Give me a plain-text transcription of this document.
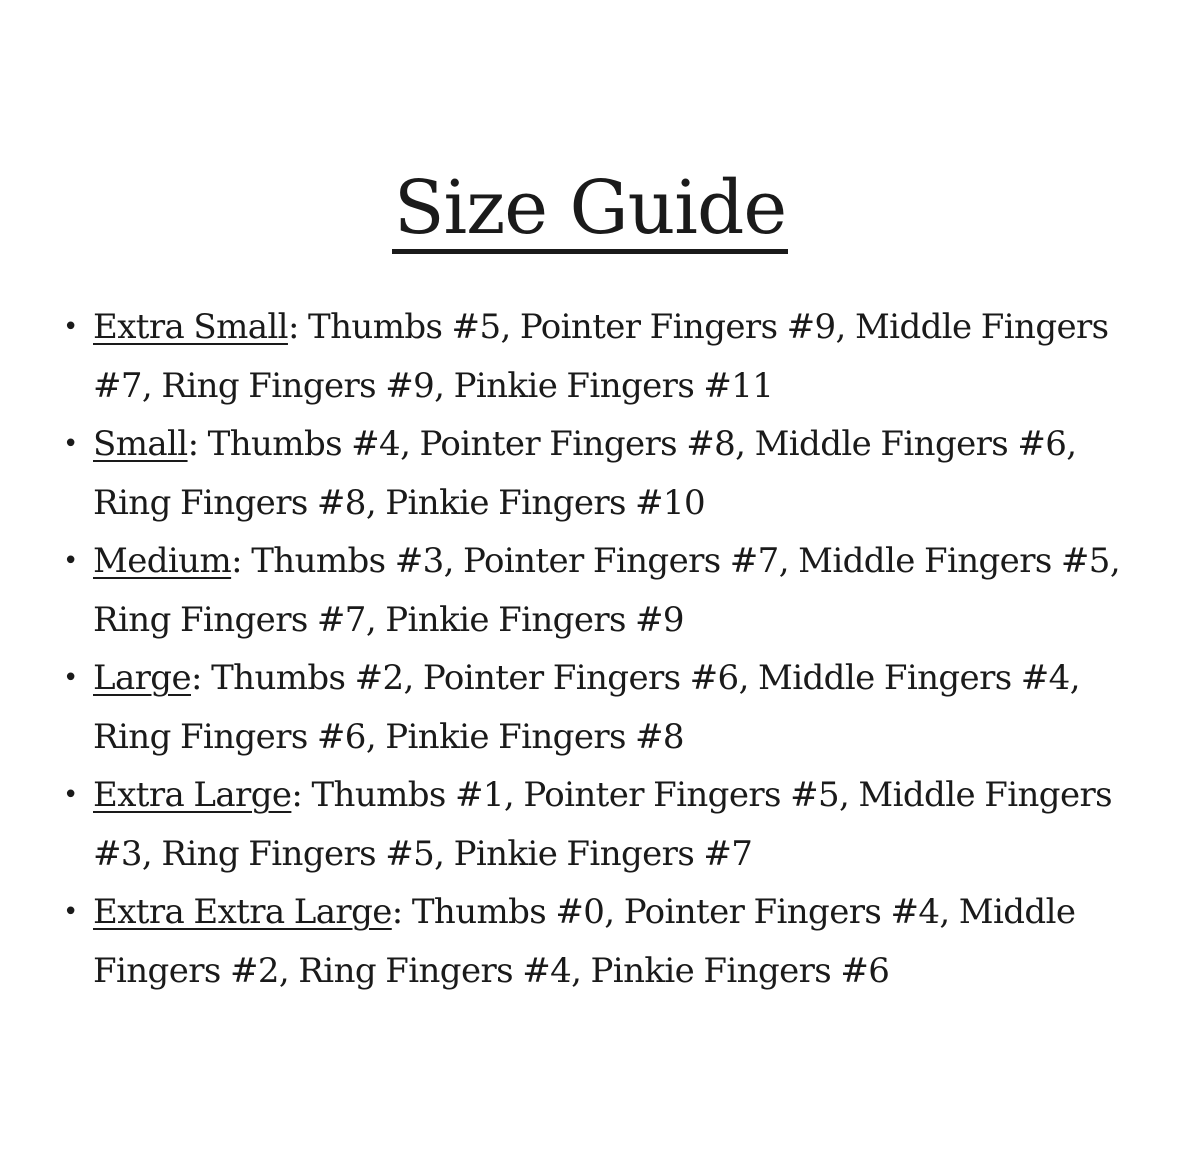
Size Guide
• Extra Small: Thumbs #5, Pointer Fingers #9, Middle Fingers #7, Ring Fingers #9, Pinkie Fingers #11
• Small: Thumbs #4, Pointer Fingers #8, Middle Fingers #6, Ring Fingers #8, Pinkie Fingers #10
• Medium: Thumbs #3, Pointer Fingers #7, Middle Fingers #5, Ring Fingers #7, Pinkie Fingers #9
• Large: Thumbs #2, Pointer Fingers #6, Middle Fingers #4, Ring Fingers #6, Pinkie Fingers #8
• Extra Large: Thumbs #1, Pointer Fingers #5, Middle Fingers #3, Ring Fingers #5, Pinkie Fingers #7
• Extra Extra Large: Thumbs #0, Pointer Fingers #4, Middle Fingers #2, Ring Fingers #4, Pinkie Fingers #6
